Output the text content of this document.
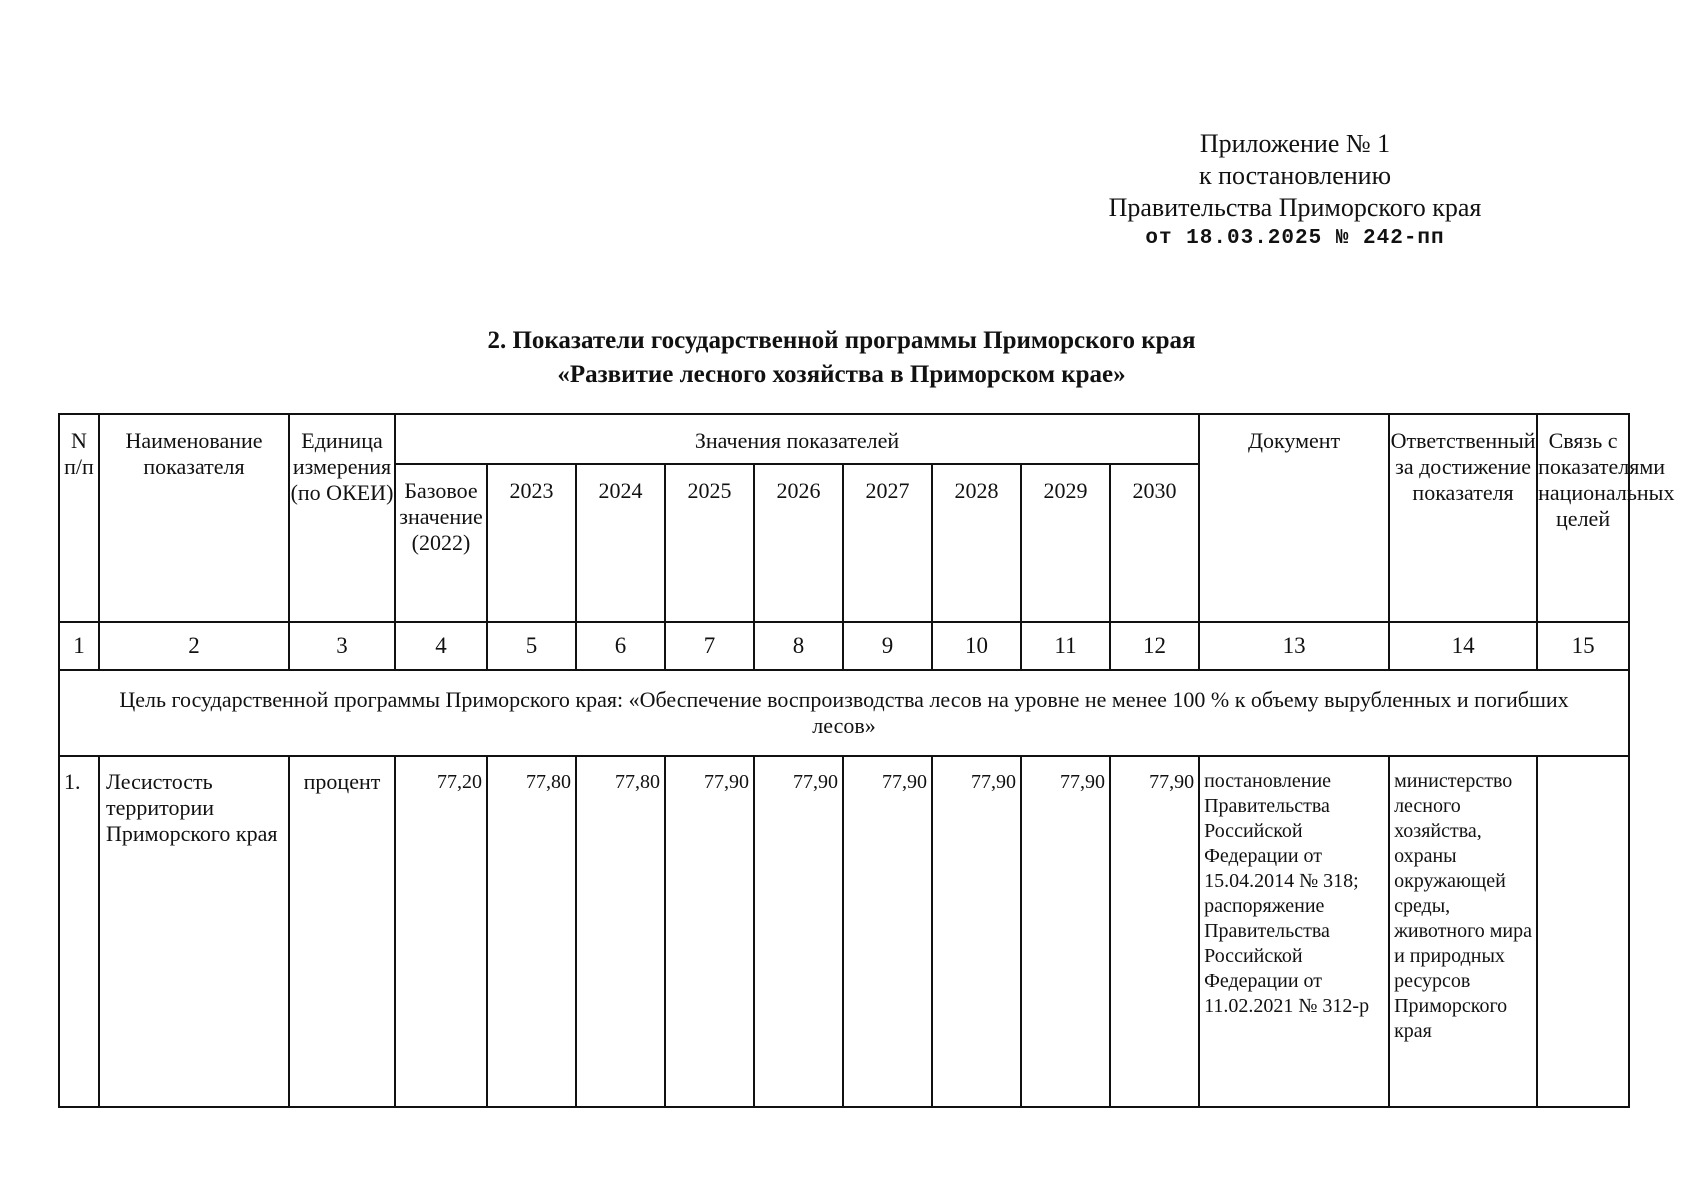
Приложение № 1
к постановлению
Правительства Приморского края
от 18.03.2025 № 242-пп
2. Показатели государственной программы Приморского края
«Развитие лесного хозяйства в Приморском крае»
N п/п	Наименование показателя	Единица измерения (по ОКЕИ)	Значения показателей									Документ	Ответственный за достижение показателя	Связь с показателями национальных целей
			Базовое значение (2022)	2023	2024	2025	2026	2027	2028	2029	2030			
1	2	3	4	5	6	7	8	9	10	11	12	13	14	15
Цель государственной программы Приморского края: «Обеспечение воспроизводства лесов на уровне не менее 100 % к объему вырубленных и погибших лесов»														
1.	Лесистость территории Приморского края	процент	77,20	77,80	77,80	77,90	77,90	77,90	77,90	77,90	77,90	постановление Правительства Российской Федерации от 15.04.2014 № 318; распоряжение Правительства Российской Федерации от 11.02.2021 № 312-р	министерство лесного хозяйства, охраны окружающей среды, животного мира и природных ресурсов Приморского края	
